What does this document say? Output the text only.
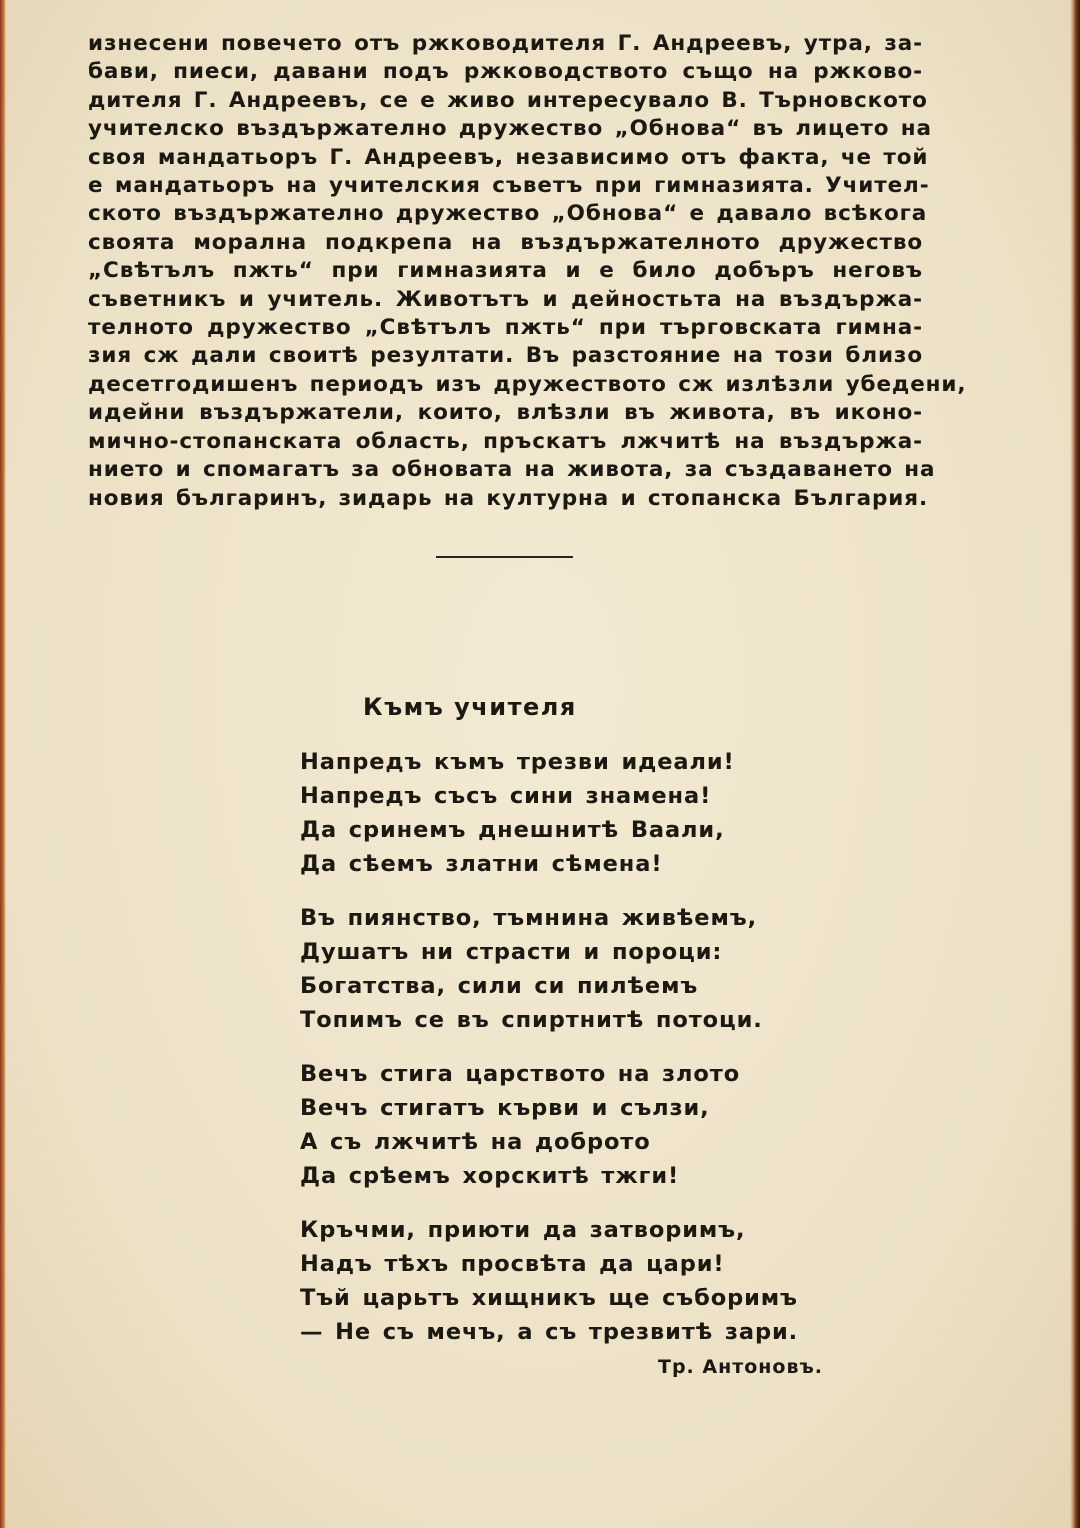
изнесени повечето отъ ржководителя Г. Андреевъ, утра, за-
бави, пиеси, давани подъ ржководството също на ржково-
дителя Г. Андреевъ, се е живо интересувало В. Търновското
учителско въздържателно дружество „Обнова“ въ лицето на
своя мандатьоръ Г. Андреевъ, независимо отъ факта, че той
е мандатьоръ на учителския съветъ при гимназията. Учител-
ското въздържателно дружество „Обнова“ е давало всѣкога
своята морална подкрепа на въздържателното дружество
„Свѣтълъ пжть“ при гимназията и е било добъръ неговъ
съветникъ и учитель. Животътъ и дейностьта на въздържа-
телното дружество „Свѣтълъ пжть“ при търговската гимна-
зия сж дали своитѣ резултати. Въ разстояние на този близо
десетгодишенъ периодъ изъ дружеството сж излѣзли убедени,
идейни въздържатели, които, влѣзли въ живота, въ иконо-
мично-стопанската область, пръскатъ лжчитѣ на въздържа-
нието и спомагатъ за обновата на живота, за създаването на
новия българинъ, зидарь на културна и стопанска България.
Къмъ учителя
Напредъ къмъ трезви идеали!
Напредъ съсъ сини знамена!
Да сринемъ днешнитѣ Ваали,
Да сѣемъ златни сѣмена!
Въ пиянство, тъмнина живѣемъ,
Душатъ ни страсти и пороци:
Богатства, сили си пилѣемъ
Топимъ се въ спиртнитѣ потоци.
Вечъ стига царството на злото
Вечъ стигатъ кърви и сълзи,
А съ лжчитѣ на доброто
Да срѣемъ хорскитѣ тжги!
Кръчми, приюти да затворимъ,
Надъ тѣхъ просвѣта да цари!
Тъй царьтъ хищникъ ще съборимъ
— Не съ мечъ, а съ трезвитѣ зари.
Тр. Антоновъ.
